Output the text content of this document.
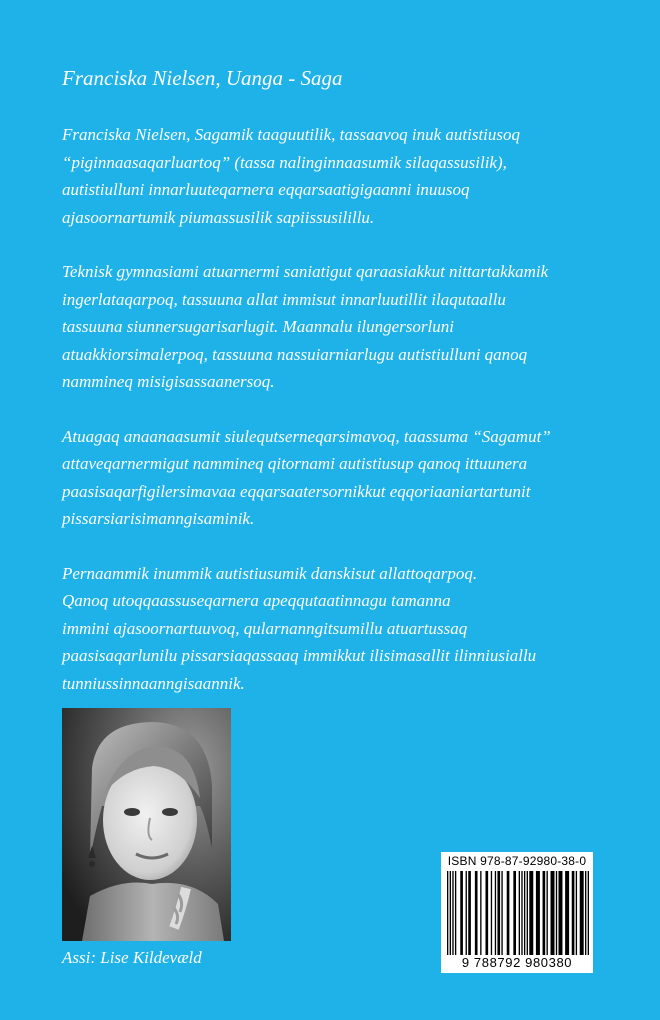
Franciska Nielsen, Uanga - Saga

Franciska Nielsen, Sagamik taaguutilik, tassaavoq inuk autistiusoq
“piginnaasaqarluartoq” (tassa nalinginnaasumik silaqassusilik),
autistiulluni innarluuteqarnera eqqarsaatigigaanni inuusoq
ajasoornartumik piumassusilik sapiissusilillu.

Teknisk gymnasiami atuarnermi saniatigut qaraasiakkut nittartakkamik
ingerlataqarpoq, tassuuna allat immisut innarluutillit ilaqutaallu
tassuuna siunnersugarisarlugit. Maannalu ilungersorluni
atuakkiorsimalerpoq, tassuuna nassuiarniarlugu autistiulluni qanoq
nammineq misigisassaanersoq.

Atuagaq anaanaasumit siulequtserneqarsimavoq, taassuma “Sagamut”
attaveqarnermigut nammineq qitornami autistiusup qanoq ittuunera
paasisaqarfigilersimavaa eqqarsaatersornikkut eqqoriaaniartartunit
pissarsiarisimanngisaminik.

Pernaammik inummik autistiusumik danskisut allattoqarpoq.
Qanoq utoqqaassuseqarnera apeqqutaatinnagu tamanna
immini ajasoornartuuvoq, qularnanngitsumillu atuartussaq
paasisaqarlunilu pissarsiaqassaaq immikkut ilisimasallit ilinniusiallu
tunniussinnaanngisaannik.

Assi: Lise Kildevæld
ISBN 978-87-92980-38-0
9 788792 980380
